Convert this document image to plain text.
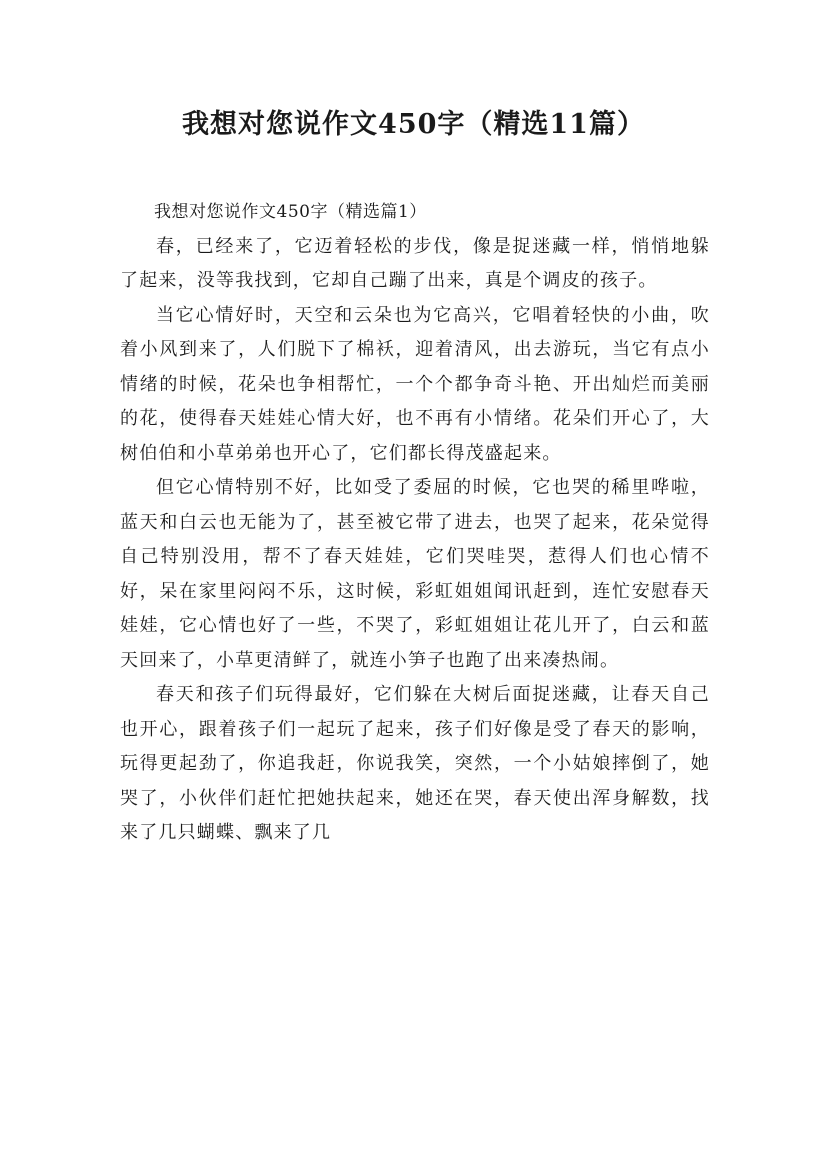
我想对您说作文450字（精选11篇）

我想对您说作文450字（精选篇1）

春，已经来了，它迈着轻松的步伐，像是捉迷藏一样，悄悄地躲了起来，没等我找到，它却自己蹦了出来，真是个调皮的孩子。

当它心情好时，天空和云朵也为它高兴，它唱着轻快的小曲，吹着小风到来了，人们脱下了棉袄，迎着清风，出去游玩，当它有点小情绪的时候，花朵也争相帮忙，一个个都争奇斗艳、开出灿烂而美丽的花，使得春天娃娃心情大好，也不再有小情绪。花朵们开心了，大树伯伯和小草弟弟也开心了，它们都长得茂盛起来。

但它心情特别不好，比如受了委屈的时候，它也哭的稀里哗啦，蓝天和白云也无能为了，甚至被它带了进去，也哭了起来，花朵觉得自己特别没用，帮不了春天娃娃，它们哭哇哭，惹得人们也心情不好，呆在家里闷闷不乐，这时候，彩虹姐姐闻讯赶到，连忙安慰春天娃娃，它心情也好了一些，不哭了，彩虹姐姐让花儿开了，白云和蓝天回来了，小草更清鲜了，就连小笋子也跑了出来凑热闹。

春天和孩子们玩得最好，它们躲在大树后面捉迷藏，让春天自己也开心，跟着孩子们一起玩了起来，孩子们好像是受了春天的影响，玩得更起劲了，你追我赶，你说我笑，突然，一个小姑娘摔倒了，她哭了，小伙伴们赶忙把她扶起来，她还在哭，春天使出浑身解数，找来了几只蝴蝶、飘来了几
